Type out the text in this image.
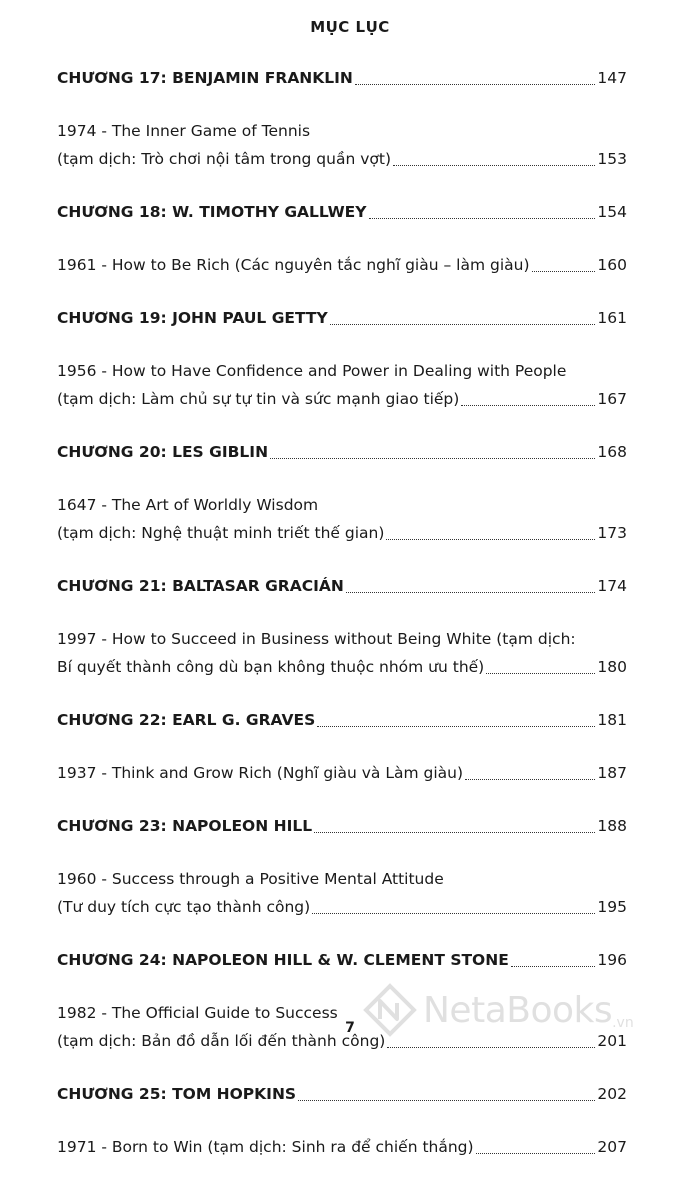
MỤC LỤC
CHƯƠNG 17: BENJAMIN FRANKLIN	147
1974 - The Inner Game of Tennis
(tạm dịch: Trò chơi nội tâm trong quần vợt)	153
CHƯƠNG 18: W. TIMOTHY GALLWEY	154
1961 - How to Be Rich (Các nguyên tắc nghĩ giàu – làm giàu)	160
CHƯƠNG 19: JOHN PAUL GETTY	161
1956 - How to Have Confidence and Power in Dealing with People
(tạm dịch: Làm chủ sự tự tin và sức mạnh giao tiếp)	167
CHƯƠNG 20: LES GIBLIN	168
1647 - The Art of Worldly Wisdom
(tạm dịch: Nghệ thuật minh triết thế gian)	173
CHƯƠNG 21: BALTASAR GRACIÁN	174
1997 - How to Succeed in Business without Being White (tạm dịch:
Bí quyết thành công dù bạn không thuộc nhóm ưu thế)	180
CHƯƠNG 22: EARL G. GRAVES	181
1937 - Think and Grow Rich (Nghĩ giàu và Làm giàu)	187
CHƯƠNG 23: NAPOLEON HILL	188
1960 - Success through a Positive Mental Attitude
(Tư duy tích cực tạo thành công)	195
CHƯƠNG 24: NAPOLEON HILL & W. CLEMENT STONE	196
1982 - The Official Guide to Success
(tạm dịch: Bản đồ dẫn lối đến thành công)	201
CHƯƠNG 25: TOM HOPKINS	202
1971 - Born to Win (tạm dịch: Sinh ra để chiến thắng)	207
NetaBooks .vn
7
